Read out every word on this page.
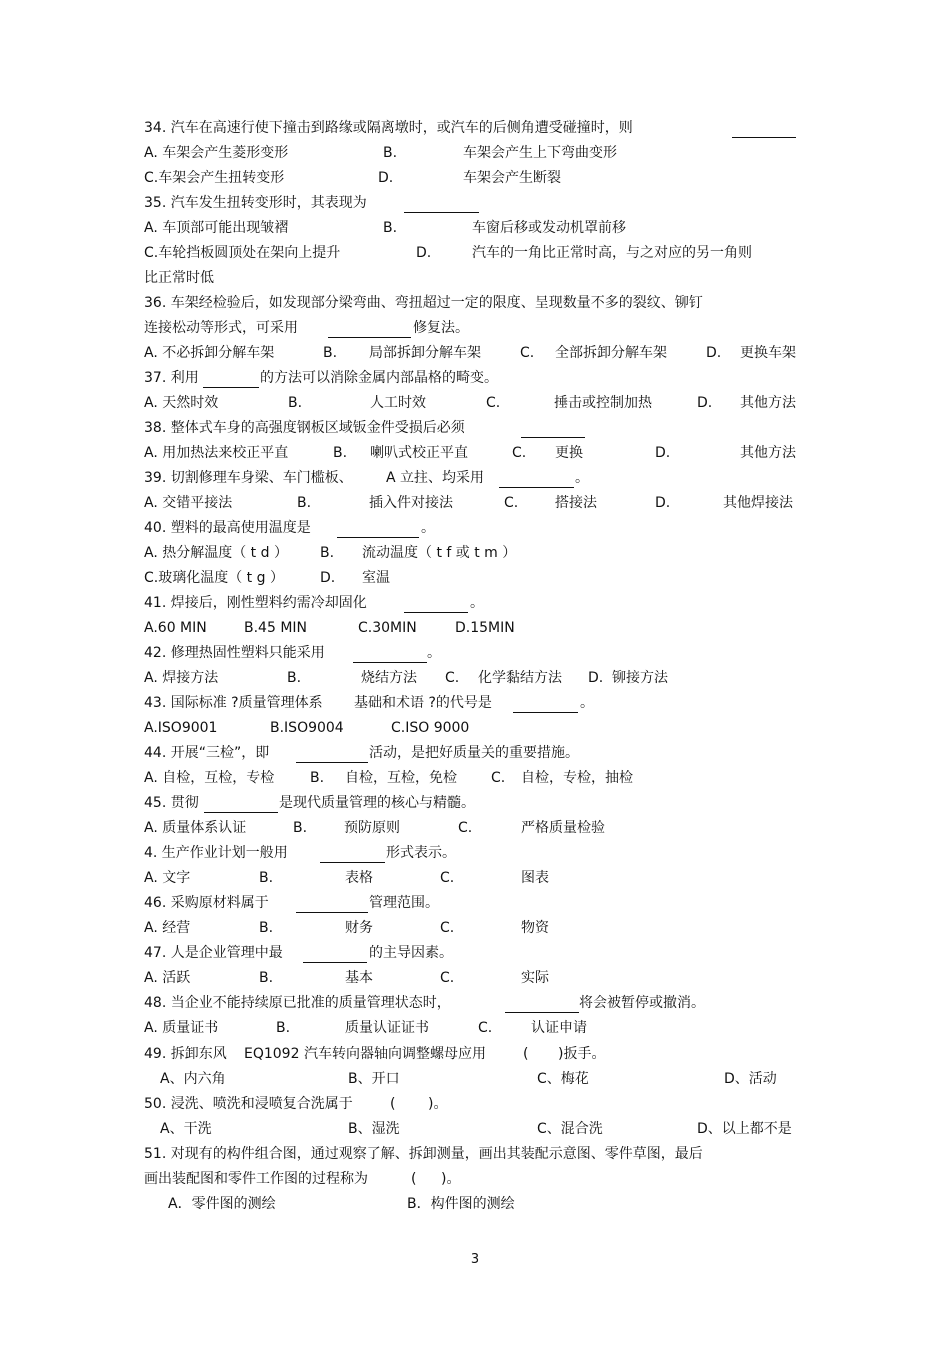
34. 汽车在高速行使下撞击到路缘或隔离墩时，或汽车的后侧角遭受碰撞时，则
A. 车架会产生菱形变形	B.	车架会产生上下弯曲变形
C.车架会产生扭转变形	D.	车架会产生断裂
35. 汽车发生扭转变形时，其表现为
A. 车顶部可能出现皱褶	B.	车窗后移或发动机罩前移
C.车轮挡板圆顶处在架向上提升	D.	汽车的一角比正常时高，与之对应的另一角则
比正常时低
36. 车架经检验后，如发现部分梁弯曲、弯扭超过一定的限度、呈现数量不多的裂纹、铆钉
连接松动等形式，可采用	修复法。
A. 不必拆卸分解车架	B. 局部拆卸分解车架	C. 全部拆卸分解车架	D. 更换车架
37. 利用	的方法可以消除金属内部晶格的畸变。
A. 天然时效	B.	人工时效	C.	捶击或控制加热	D. 其他方法
38. 整体式车身的高强度钢板区域钣金件受损后必须
A. 用加热法来校正平直	B. 喇叭式校正平直	C. 更换	D.	其他方法
39. 切割修理车身梁、车门槛板、 A 立拄、均采用	。
A. 交错平接法	B.	插入件对接法	C.	搭接法	D.	其他焊接法
40. 塑料的最高使用温度是	。
A. 热分解温度（ t d ） B. 流动温度（ t f 或 t m ）
C.玻璃化温度（ t g ）	D. 室温
41. 焊接后，刚性塑料约需冷却固化	。
A.60 MIN	B.45 MIN	C.30MIN	D.15MIN
42. 修理热固性塑料只能采用	。
A. 焊接方法	B.	烧结方法 C. 化学黏结方法 D. 铆接方法
43. 国际标准 ?质量管理体系 基础和术语 ?的代号是	。
A.ISO9001	B.ISO9004	C.ISO 9000
44. 开展“三检”，即	活动，是把好质量关的重要措施。
A. 自检，互检，专检	B. 自检，互检，免检 C. 自检，专检，抽检
45. 贯彻	是现代质量管理的核心与精髓。
A. 质量体系认证	B.	预防原则	C.	严格质量检验
4. 生产作业计划一般用	形式表示。
A. 文字	B.	表格	C.	图表
46. 采购原材料属于	管理范围。
A. 经营	B.	财务	C.	物资
47. 人是企业管理中最	的主导因素。
A. 活跃	B.	基本	C.	实际
48. 当企业不能持续原已批准的质量管理状态时，	将会被暂停或撤消。
A. 质量证书	B.	质量认证证书	C.	认证申请
49. 拆卸东风 EQ1092 汽车转向器轴向调整螺母应用	( )扳手。
A、内六角	B、开口	C、梅花	D、活动
50. 浸洗、喷洗和浸喷复合洗属于	( )。
A、干洗	B、湿洗	C、混合洗	D、以上都不是
51. 对现有的构件组合图，通过观察了解、拆卸测量，画出其装配示意图、零件草图，最后
画出装配图和零件工作图的过程称为	( )。
A．零件图的测绘	B．构件图的测绘
3
